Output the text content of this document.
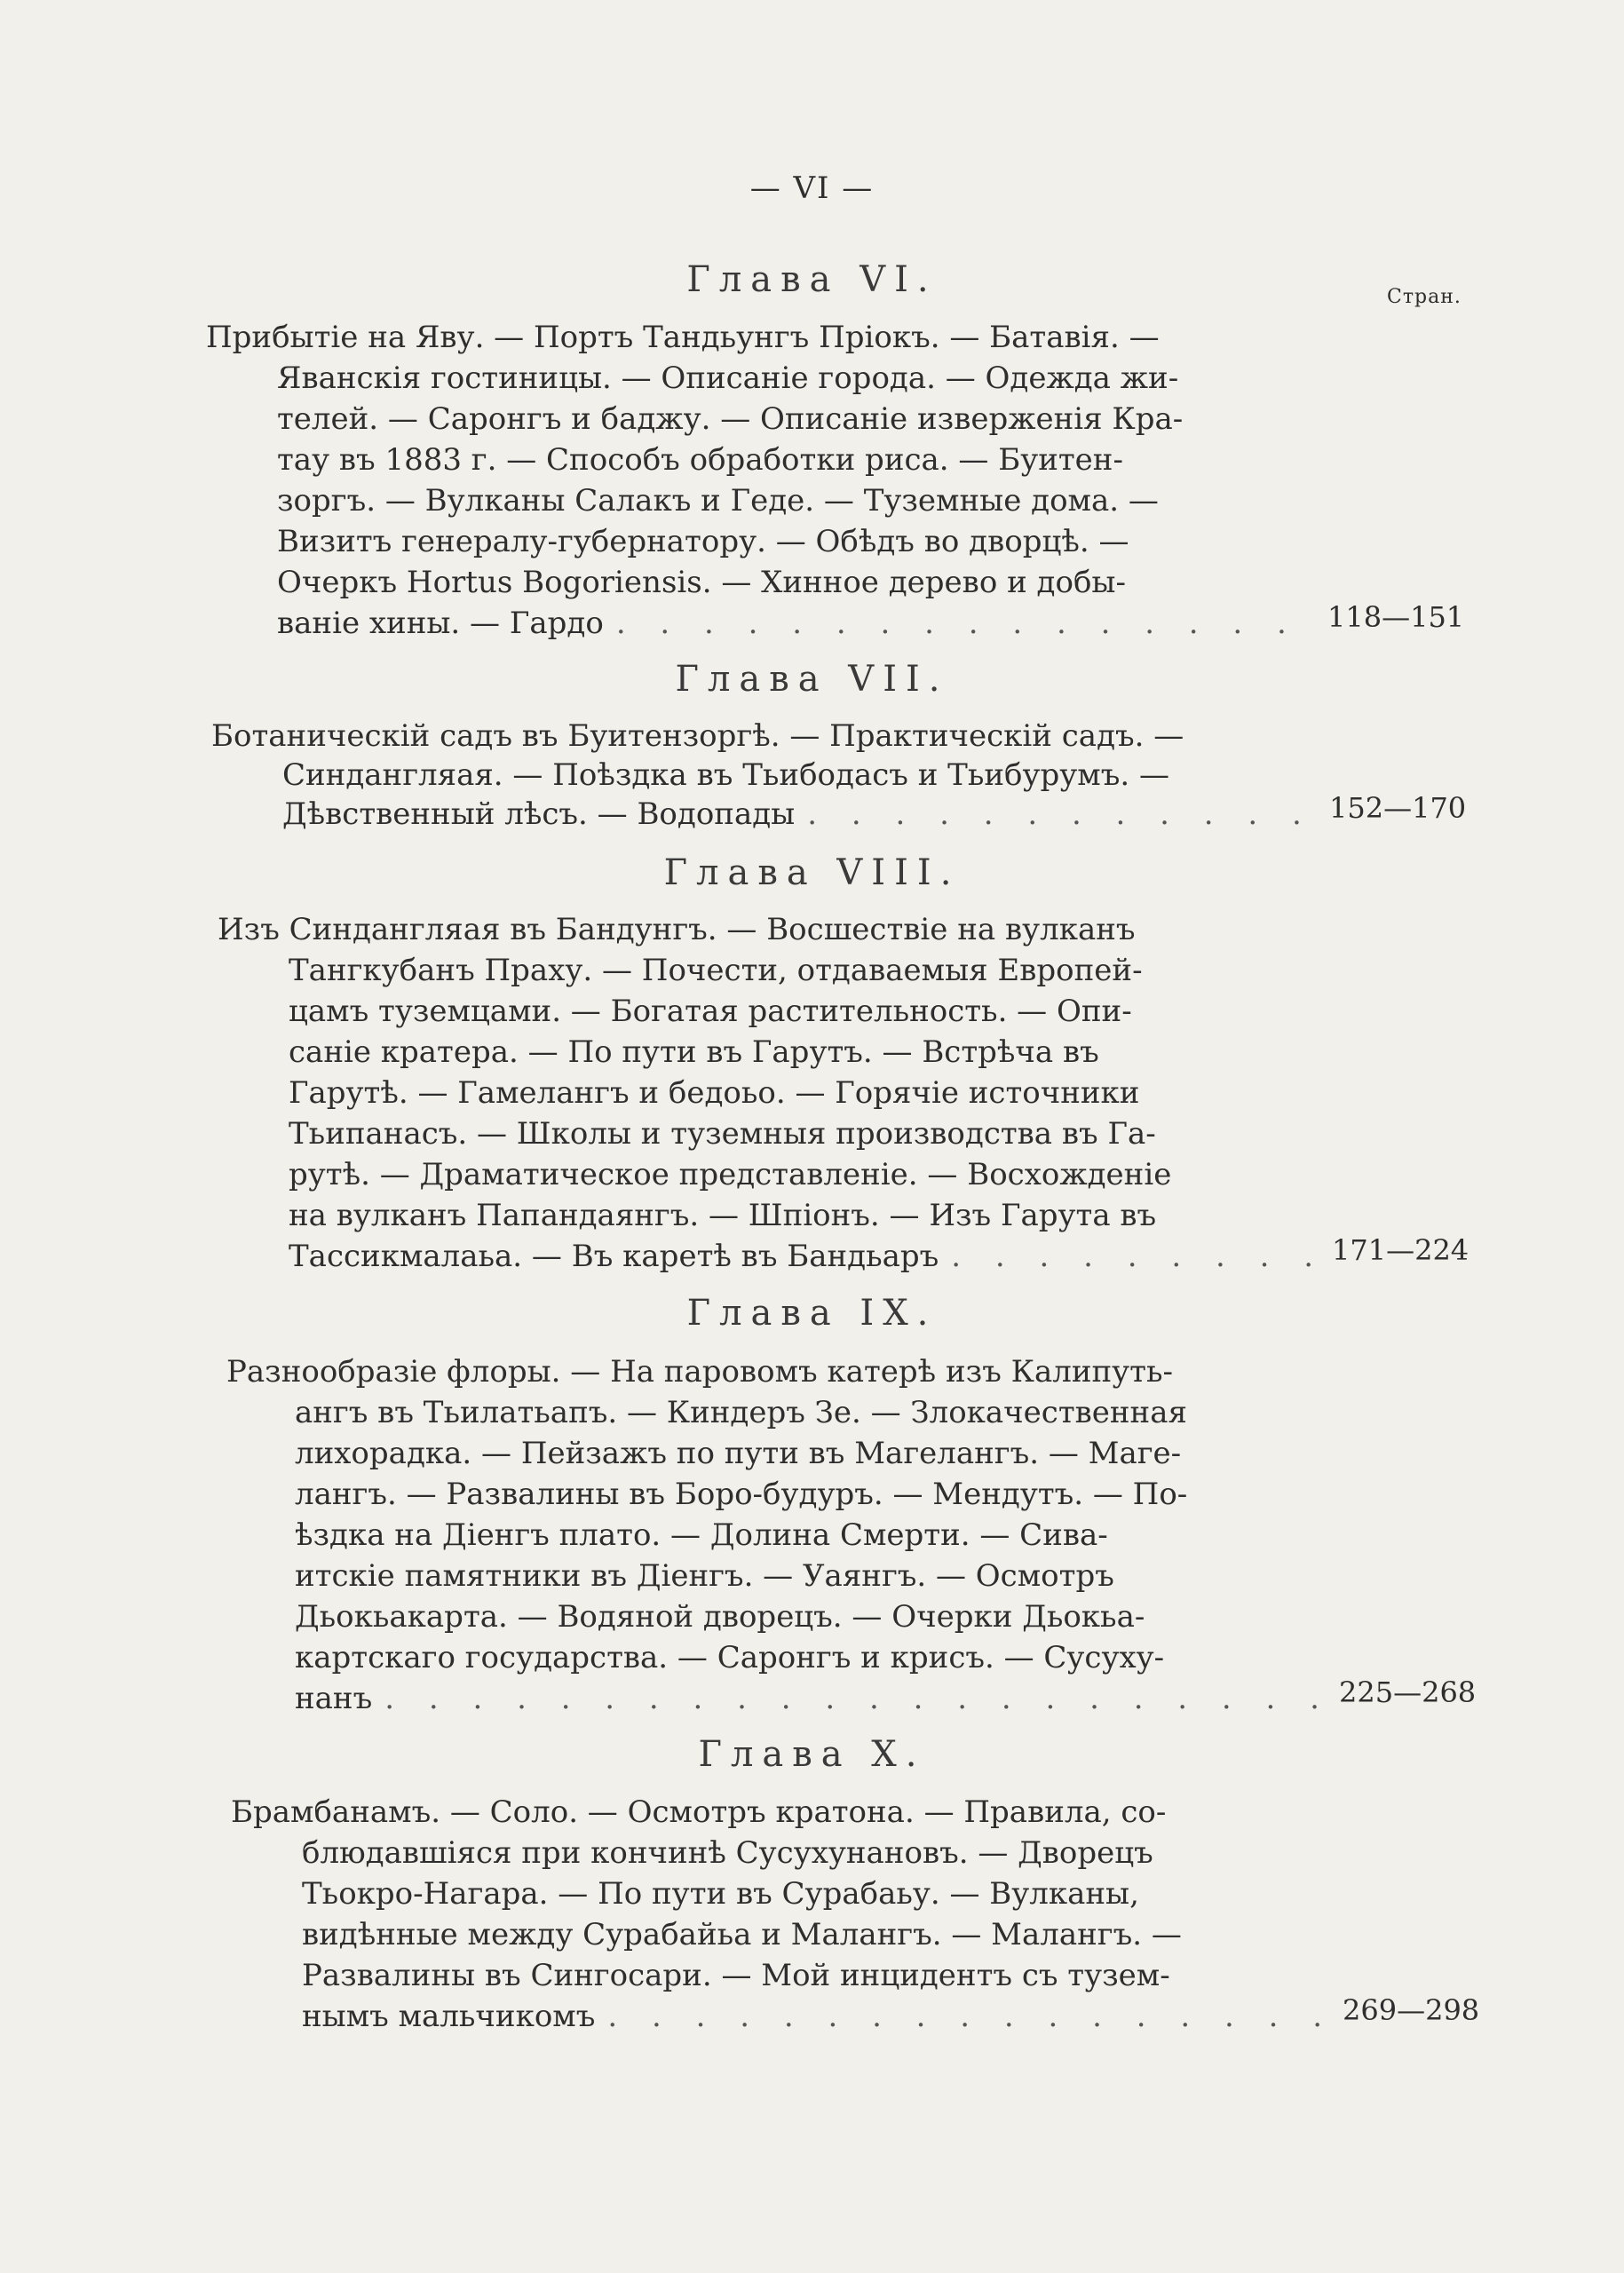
— VI —
Стран.
Глава VI.
Прибытіе на Яву. — Портъ Тандьунгъ Пріокъ. — Батавія. —
Яванскія гостиницы. — Описаніе города. — Одежда жи-
телей. — Саронгъ и баджу. — Описаніе изверженія Кра-
тау въ 1883 г. — Способъ обработки риса. — Буитен-
зоргъ. — Вулканы Салакъ и Геде. — Туземные дома. —
Визитъ генералу-губернатору. — Обѣдъ во дворцѣ. —
Очеркъ Hortus Bogoriensis. — Хинное дерево и добы-
ваніе хины. — Гардо . . .	118—151
Глава VII.
Ботаническій садъ въ Буитензоргѣ. — Практическій садъ. —
Синдангляая. — Поѣздка въ Тьибодасъ и Тьибурумъ. —
Дѣвственный лѣсъ. — Водопады . . .	152—170
Глава VIII.
Изъ Синдангляая въ Бандунгъ. — Восшествіе на вулканъ
Тангкубанъ Праху. — Почести, отдаваемыя Европей-
цамъ туземцами. — Богатая растительность. — Опи-
саніе кратера. — По пути въ Гарутъ. — Встрѣча въ
Гарутѣ. — Гамелангъ и бедоьо. — Горячіе источники
Тьипанасъ. — Школы и туземныя производства въ Га-
рутѣ. — Драматическое представленіе. — Восхожденіе
на вулканъ Папандаянгъ. — Шпіонъ. — Изъ Гарута въ
Тассикмалаьа. — Въ каретѣ въ Бандьаръ . . .	171—224
Глава IX.
Разнообразіе флоры. — На паровомъ катерѣ изъ Калипуть-
ангъ въ Тьилатьапъ. — Киндеръ Зе. — Злокачественная
лихорадка. — Пейзажъ по пути въ Магелангъ. — Маге-
лангъ. — Развалины въ Боро-будуръ. — Мендутъ. — По-
ѣздка на Діенгъ плато. — Долина Смерти. — Сива-
итскіе памятники въ Діенгъ. — Уаянгъ. — Осмотръ
Дьокьакарта. — Водяной дворецъ. — Очерки Дьокьа-
картскаго государства. — Саронгъ и крисъ. — Сусуху-
нанъ . . .	225—268
Глава X.
Брамбанамъ. — Соло. — Осмотръ кратона. — Правила, со-
блюдавшіяся при кончинѣ Сусухунановъ. — Дворецъ
Тьокро-Нагара. — По пути въ Сурабаьу. — Вулканы,
видѣнные между Сурабайьа и Малангъ. — Малангъ. —
Развалины въ Сингосари. — Мой инцидентъ съ тузем-
нымъ мальчикомъ . . .	269—298
